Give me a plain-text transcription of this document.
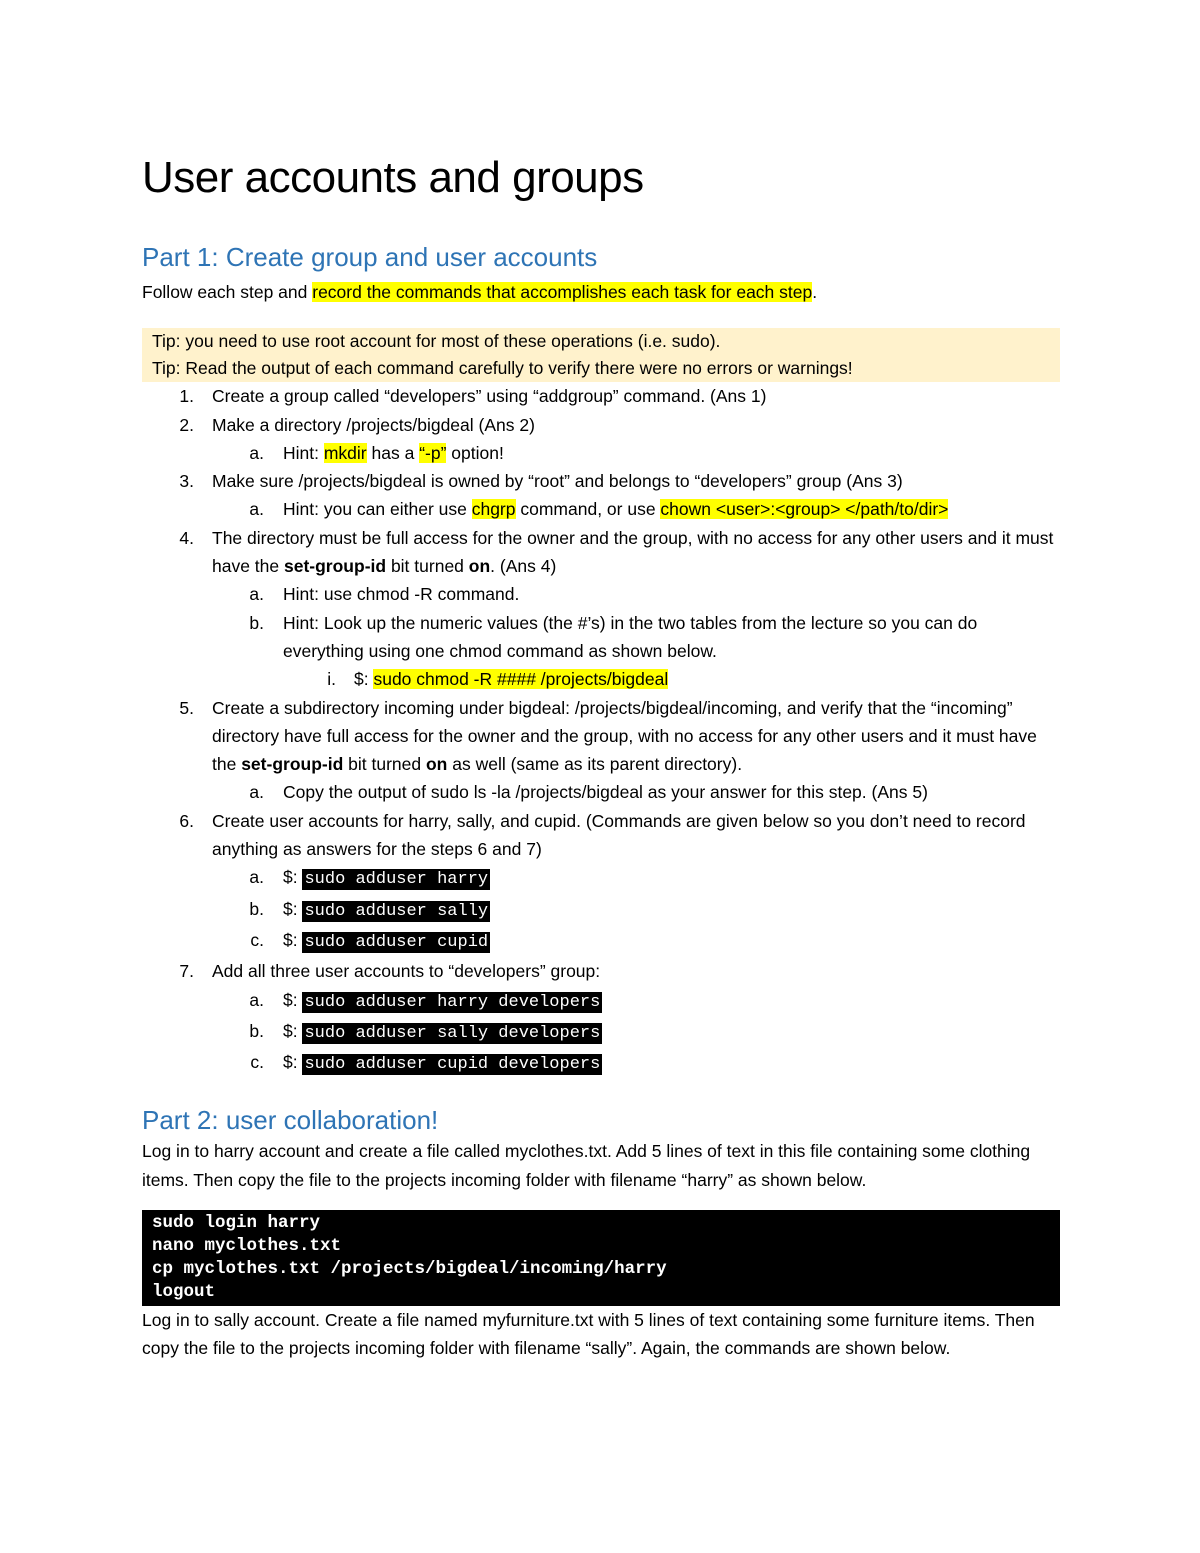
User accounts and groups
Part 1: Create group and user accounts
Follow each step and record the commands that accomplishes each task for each step.
Tip: you need to use root account for most of these operations (i.e. sudo).
Tip: Read the output of each command carefully to verify there were no errors or warnings!
1. Create a group called “developers” using “addgroup” command. (Ans 1)
2. Make a directory /projects/bigdeal (Ans 2)
a. Hint: mkdir has a “-p” option!
3. Make sure /projects/bigdeal is owned by “root” and belongs to “developers” group (Ans 3)
a. Hint: you can either use chgrp command, or use chown <user>:<group> </path/to/dir>
4. The directory must be full access for the owner and the group, with no access for any other users and it must have the set-group-id bit turned on. (Ans 4)
a. Hint: use chmod -R command.
b. Hint: Look up the numeric values (the #’s) in the two tables from the lecture so you can do everything using one chmod command as shown below.
i. $: sudo chmod -R #### /projects/bigdeal
5. Create a subdirectory incoming under bigdeal: /projects/bigdeal/incoming, and verify that the “incoming” directory have full access for the owner and the group, with no access for any other users and it must have the set-group-id bit turned on as well (same as its parent directory).
a. Copy the output of sudo ls -la /projects/bigdeal as your answer for this step. (Ans 5)
6. Create user accounts for harry, sally, and cupid. (Commands are given below so you don’t need to record anything as answers for the steps 6 and 7)
a. $: sudo adduser harry
b. $: sudo adduser sally
c. $: sudo adduser cupid
7. Add all three user accounts to “developers” group:
a. $: sudo adduser harry developers
b. $: sudo adduser sally developers
c. $: sudo adduser cupid developers
Part 2: user collaboration!
Log in to harry account and create a file called myclothes.txt. Add 5 lines of text in this file containing some clothing items. Then copy the file to the projects incoming folder with filename “harry” as shown below.
sudo login harry
nano myclothes.txt
cp myclothes.txt /projects/bigdeal/incoming/harry
logout
Log in to sally account. Create a file named myfurniture.txt with 5 lines of text containing some furniture items. Then copy the file to the projects incoming folder with filename “sally”. Again, the commands are shown below.
